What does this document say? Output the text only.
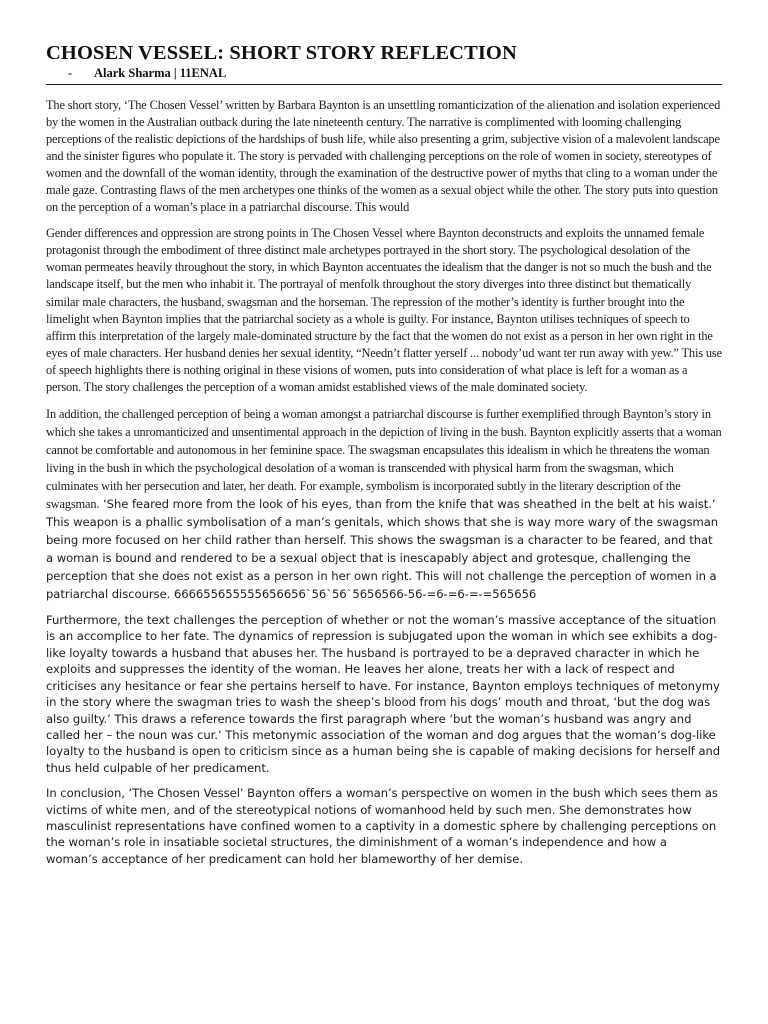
CHOSEN VESSEL: SHORT STORY REFLECTION
- Alark Sharma | 11ENAL

The short story, ‘The Chosen Vessel’ written by Barbara Baynton is an unsettling romanticization of the alienation and isolation experienced by the women in the Australian outback during the late nineteenth century. The narrative is complimented with looming challenging perceptions of the realistic depictions of the hardships of bush life, while also presenting a grim, subjective vision of a malevolent landscape and the sinister figures who populate it. The story is pervaded with challenging perceptions on the role of women in society, stereotypes of women and the downfall of the woman identity, through the examination of the destructive power of myths that cling to a woman under the male gaze. Contrasting flaws of the men archetypes one thinks of the women as a sexual object while the other. The story puts into question on the perception of a woman’s place in a patriarchal discourse. This would

Gender differences and oppression are strong points in The Chosen Vessel where Baynton deconstructs and exploits the unnamed female protagonist through the embodiment of three distinct male archetypes portrayed in the short story. The psychological desolation of the woman permeates heavily throughout the story, in which Baynton accentuates the idealism that the danger is not so much the bush and the landscape itself, but the men who inhabit it. The portrayal of menfolk throughout the story diverges into three distinct but thematically similar male characters, the husband, swagsman and the horseman. The repression of the mother’s identity is further brought into the limelight when Baynton implies that the patriarchal society as a whole is guilty. For instance, Baynton utilises techniques of speech to affirm this interpretation of the largely male-dominated structure by the fact that the women do not exist as a person in her own right in the eyes of male characters. Her husband denies her sexual identity, “Needn’t flatter yerself ... nobody’ud want ter run away with yew.” This use of speech highlights there is nothing original in these visions of women, puts into consideration of what place is left for a woman as a person. The story challenges the perception of a woman amidst established views of the male dominated society.

In addition, the challenged perception of being a woman amongst a patriarchal discourse is further exemplified through Baynton’s story in which she takes a unromanticized and unsentimental approach in the depiction of living in the bush. Baynton explicitly asserts that a woman cannot be comfortable and autonomous in her feminine space. The swagsman encapsulates this idealism in which he threatens the woman living in the bush in which the psychological desolation of a woman is transcended with physical harm from the swagsman, which culminates with her persecution and later, her death. For example, symbolism is incorporated subtly in the literary description of the swagsman. ‘She feared more from the look of his eyes, than from the knife that was sheathed in the belt at his waist.’ This weapon is a phallic symbolisation of a man’s genitals, which shows that she is way more wary of the swagsman being more focused on her child rather than herself. This shows the swagsman is a character to be feared, and that a woman is bound and rendered to be a sexual object that is inescapably abject and grotesque, challenging the perception that she does not exist as a person in her own right. This will not challenge the perception of women in a patriarchal discourse. 666655655555656656`56`56`5656566-56-=6-=6-=-=565656

Furthermore, the text challenges the perception of whether or not the woman’s massive acceptance of the situation is an accomplice to her fate. The dynamics of repression is subjugated upon the woman in which see exhibits a dog-like loyalty towards a husband that abuses her. The husband is portrayed to be a depraved character in which he exploits and suppresses the identity of the woman. He leaves her alone, treats her with a lack of respect and criticises any hesitance or fear she pertains herself to have. For instance, Baynton employs techniques of metonymy in the story where the swagman tries to wash the sheep’s blood from his dogs’ mouth and throat, ‘but the dog was also guilty.’ This draws a reference towards the first paragraph where ‘but the woman’s husband was angry and called her – the noun was cur.’ This metonymic association of the woman and dog argues that the woman’s dog-like loyalty to the husband is open to criticism since as a human being she is capable of making decisions for herself and thus held culpable of her predicament.

In conclusion, ‘The Chosen Vessel’ Baynton offers a woman’s perspective on women in the bush which sees them as victims of white men, and of the stereotypical notions of womanhood held by such men. She demonstrates how masculinist representations have confined women to a captivity in a domestic sphere by challenging perceptions on the woman’s role in insatiable societal structures, the diminishment of a woman’s independence and how a woman’s acceptance of her predicament can hold her blameworthy of her demise.
